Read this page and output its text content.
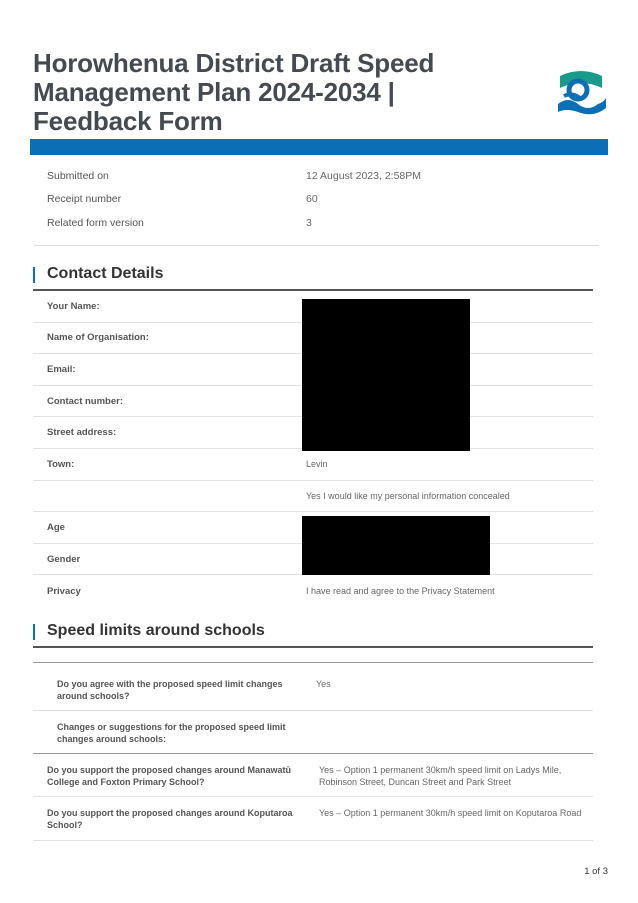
Horowhenua District Draft Speed Management Plan 2024-2034 | Feedback Form
Submitted on	12 August 2023, 2:58PM
Receipt number	60
Related form version	3
Contact Details
Your Name:
Name of Organisation:
Email:
Contact number:
Street address:
Town:	Levin
Yes I would like my personal information concealed
Age
Gender
Privacy	I have read and agree to the Privacy Statement
Speed limits around schools
Do you agree with the proposed speed limit changes around schools?
Yes
Changes or suggestions for the proposed speed limit changes around schools:
Do you support the proposed changes around Manawatū College and Foxton Primary School?
Yes – Option 1 permanent 30km/h speed limit on Ladys Mile, Robinson Street, Duncan Street and Park Street
Do you support the proposed changes around Koputaroa School?
Yes – Option 1 permanent 30km/h speed limit on Koputaroa Road
1 of 3
